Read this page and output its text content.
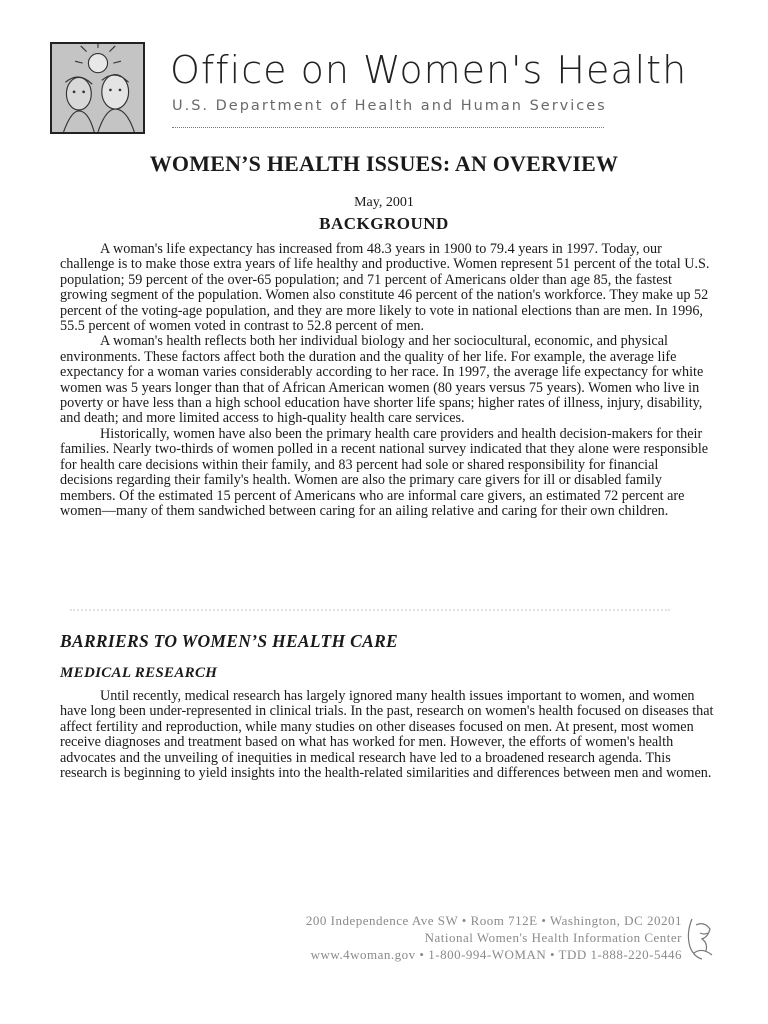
Office on Women's Health
U.S. Department of Health and Human Services
WOMEN’S HEALTH ISSUES: AN OVERVIEW
May, 2001
BACKGROUND

A woman's life expectancy has increased from 48.3 years in 1900 to 79.4 years in 1997. Today, our challenge is to make those extra years of life healthy and productive. Women represent 51 percent of the total U.S. population; 59 percent of the over-65 population; and 71 percent of Americans older than age 85, the fastest growing segment of the population. Women also constitute 46 percent of the nation's workforce. They make up 52 percent of the voting-age population, and they are more likely to vote in national elections than are men. In 1996, 55.5 percent of women voted in contrast to 52.8 percent of men.

A woman's health reflects both her individual biology and her sociocultural, economic, and physical environments. These factors affect both the duration and the quality of her life. For example, the average life expectancy for a woman varies considerably according to her race. In 1997, the average life expectancy for white women was 5 years longer than that of African American women (80 years versus 75 years). Women who live in poverty or have less than a high school education have shorter life spans; higher rates of illness, injury, disability, and death; and more limited access to high-quality health care services.

Historically, women have also been the primary health care providers and health decision-makers for their families. Nearly two-thirds of women polled in a recent national survey indicated that they alone were responsible for health care decisions within their family, and 83 percent had sole or shared responsibility for financial decisions regarding their family's health. Women are also the primary care givers for ill or disabled family members. Of the estimated 15 percent of Americans who are informal care givers, an estimated 72 percent are women—many of them sandwiched between caring for an ailing relative and caring for their own children.

BARRIERS TO WOMEN’S HEALTH CARE
MEDICAL RESEARCH

Until recently, medical research has largely ignored many health issues important to women, and women have long been under-represented in clinical trials. In the past, research on women's health focused on diseases that affect fertility and reproduction, while many studies on other diseases focused on men. At present, most women receive diagnoses and treatment based on what has worked for men. However, the efforts of women's health advocates and the unveiling of inequities in medical research have led to a broadened research agenda. This research is beginning to yield insights into the health-related similarities and differences between men and women.

200 Independence Ave SW • Room 712E • Washington, DC 20201
National Women's Health Information Center
www.4woman.gov • 1-800-994-WOMAN • TDD 1-888-220-5446
